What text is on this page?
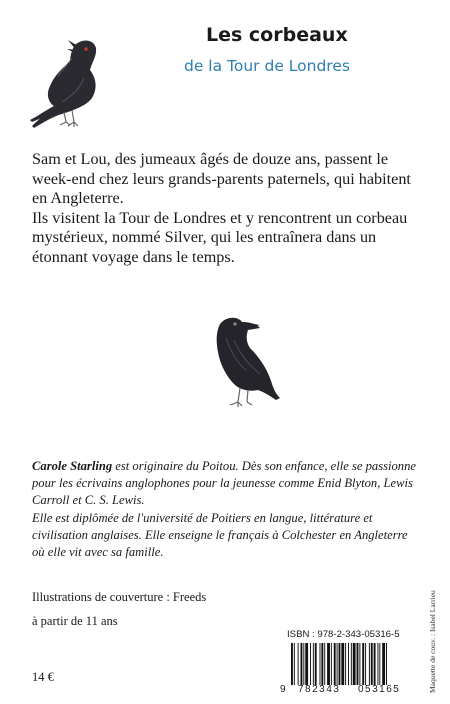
Les corbeaux
de la Tour de Londres

Sam et Lou, des jumeaux âgés de douze ans, passent le week-end chez leurs grands-parents paternels, qui habitent en Angleterre.

Ils visitent la Tour de Londres et y rencontrent un corbeau mystérieux, nommé Silver, qui les entraînera dans un étonnant voyage dans le temps.

Carole Starling est originaire du Poitou. Dès son enfance, elle se passionne pour les écrivains anglophones pour la jeunesse comme Enid Blyton, Lewis Carroll et C. S. Lewis.

Elle est diplômée de l'université de Poitiers en langue, littérature et civilisation anglaises. Elle enseigne le français à Colchester en Angleterre où elle vit avec sa famille.

Illustrations de couverture : Freeds
à partir de 11 ans
14 €
ISBN : 978-2-343-05316-5
9 782343 053165	Maquette de couv. : Isabel Larrieu
